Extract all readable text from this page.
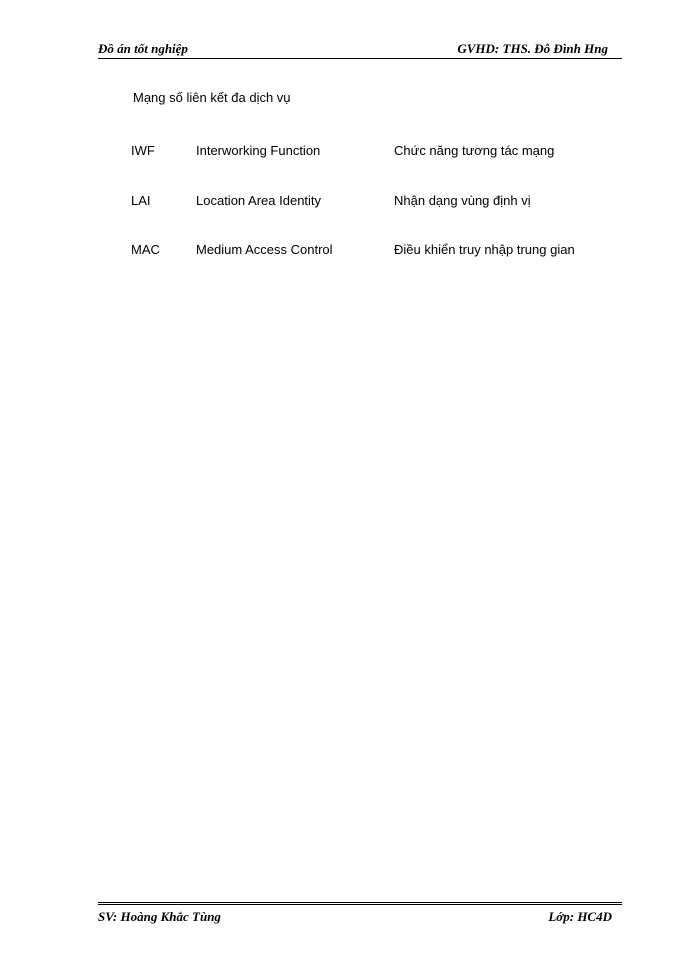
Đồ án tốt nghiệp	GVHD: THS. Đỗ Đình Hng
Mạng số liên kết đa dịch vụ
IWF	Interworking Function	Chức năng tương tác mạng
LAI	Location Area Identity	Nhận dạng vùng định vị
MAC	Medium Access Control	Điều khiển truy nhập trung gian
SV: Hoàng Khắc Tùng	Lớp: HC4D
